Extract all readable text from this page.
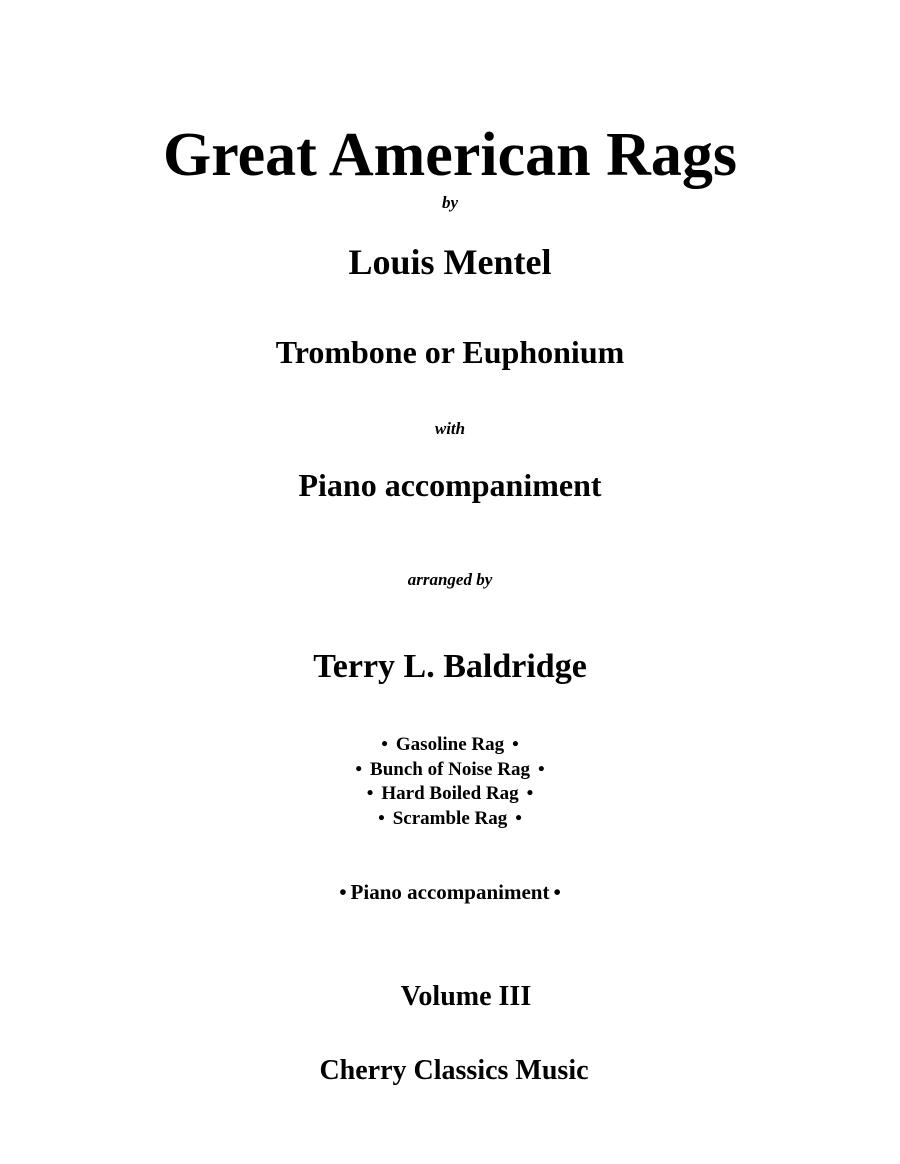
Great American Rags
by
Louis Mentel
Trombone or Euphonium
with
Piano accompaniment
arranged by
Terry L. Baldridge
• Gasoline Rag •
• Bunch of Noise Rag •
• Hard Boiled Rag •
• Scramble Rag •
• Piano accompaniment •
Volume III
Cherry Classics Music
